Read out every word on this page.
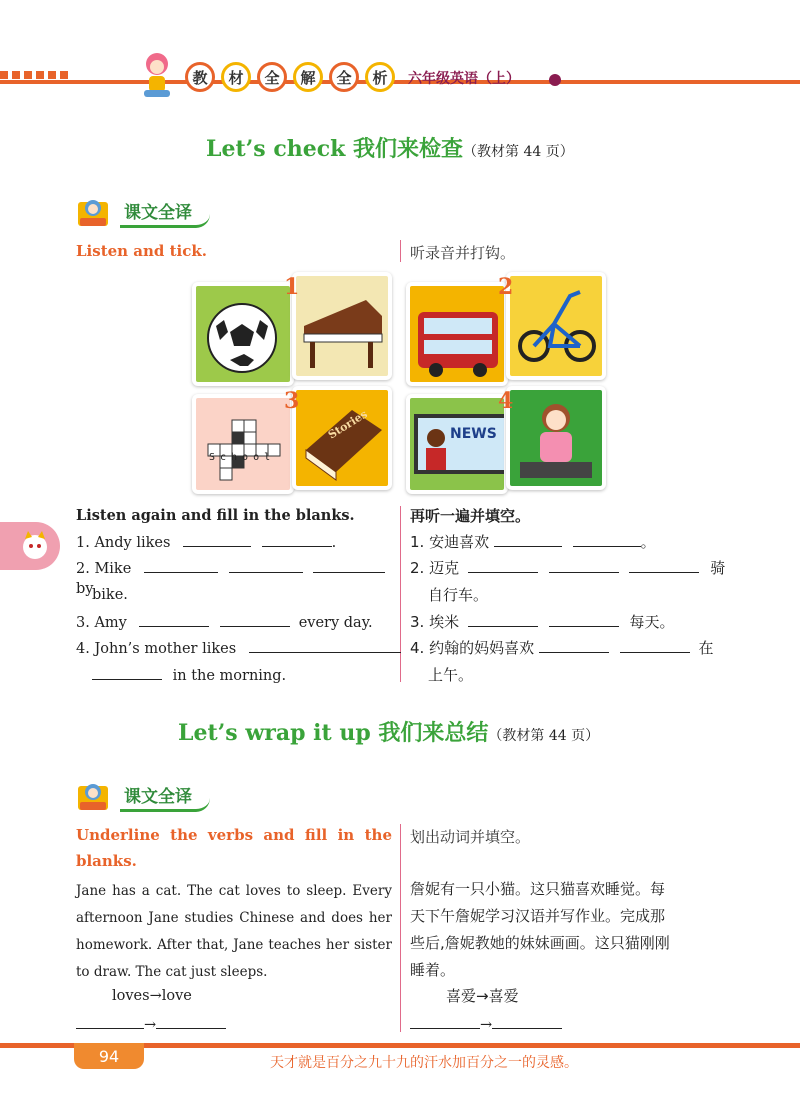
教	材	全	解	全	析	六年级英语（上）
Let’s check 我们来检查（教材第 44 页）
课文全译
Listen and tick.	听录音并打钩。
1	2
School
Stories
3
NEWS
4
Listen again and fill in the blanks.	再听一遍并填空。
1. Andy likes	.
2. Mike    by
bike.
3. Amy	every day.
4. John’s mother likes
in the morning.
1. 安迪喜欢	。
2. 迈克	骑
自行车。
3. 埃米	每天。
4. 约翰的妈妈喜欢	在
上午。
Let’s wrap it up 我们来总结（教材第 44 页）
课文全译
Underline the verbs and fill in the
blanks.
划出动词并填空。
Jane has a cat. The cat loves to sleep. Every
afternoon Jane studies Chinese and does her
homework. After that, Jane teaches her sister
to draw. The cat just sleeps.
詹妮有一只小猫。这只猫喜欢睡觉。每
天下午詹妮学习汉语并写作业。完成那
些后,詹妮教她的妹妹画画。这只猫刚刚
睡着。
loves→love	喜爱→喜爱
→	→
94	天才就是百分之九十九的汗水加百分之一的灵感。
